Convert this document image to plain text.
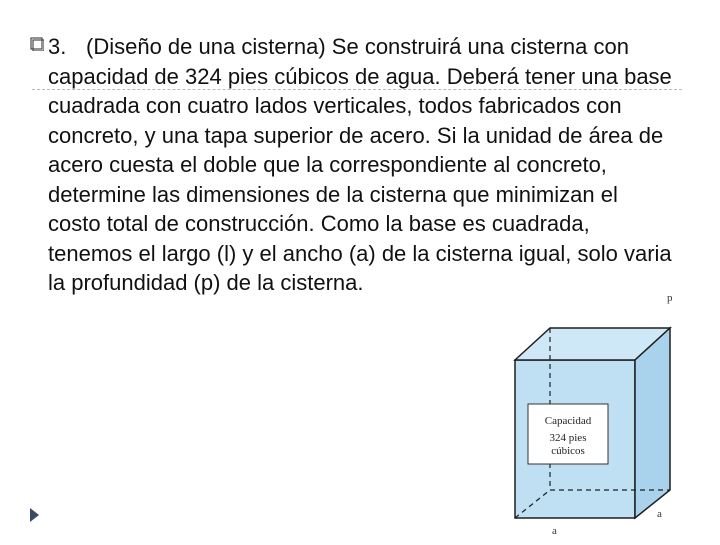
3. (Diseño de una cisterna) Se construirá una cisterna con capacidad de 324 pies cúbicos de agua. Deberá tener una base cuadrada con cuatro lados verticales, todos fabricados con concreto, y una tapa superior de acero. Si la unidad de área de acero cuesta el doble que la correspondiente al concreto, determine las dimensiones de la cisterna que minimizan el costo total de construcción. Como la base es cuadrada, tenemos el largo (l) y el ancho (a) de la cisterna igual, solo varia la profundidad (p) de la cisterna.

Capacidad
324 pies
cúbicos
p
a
a
